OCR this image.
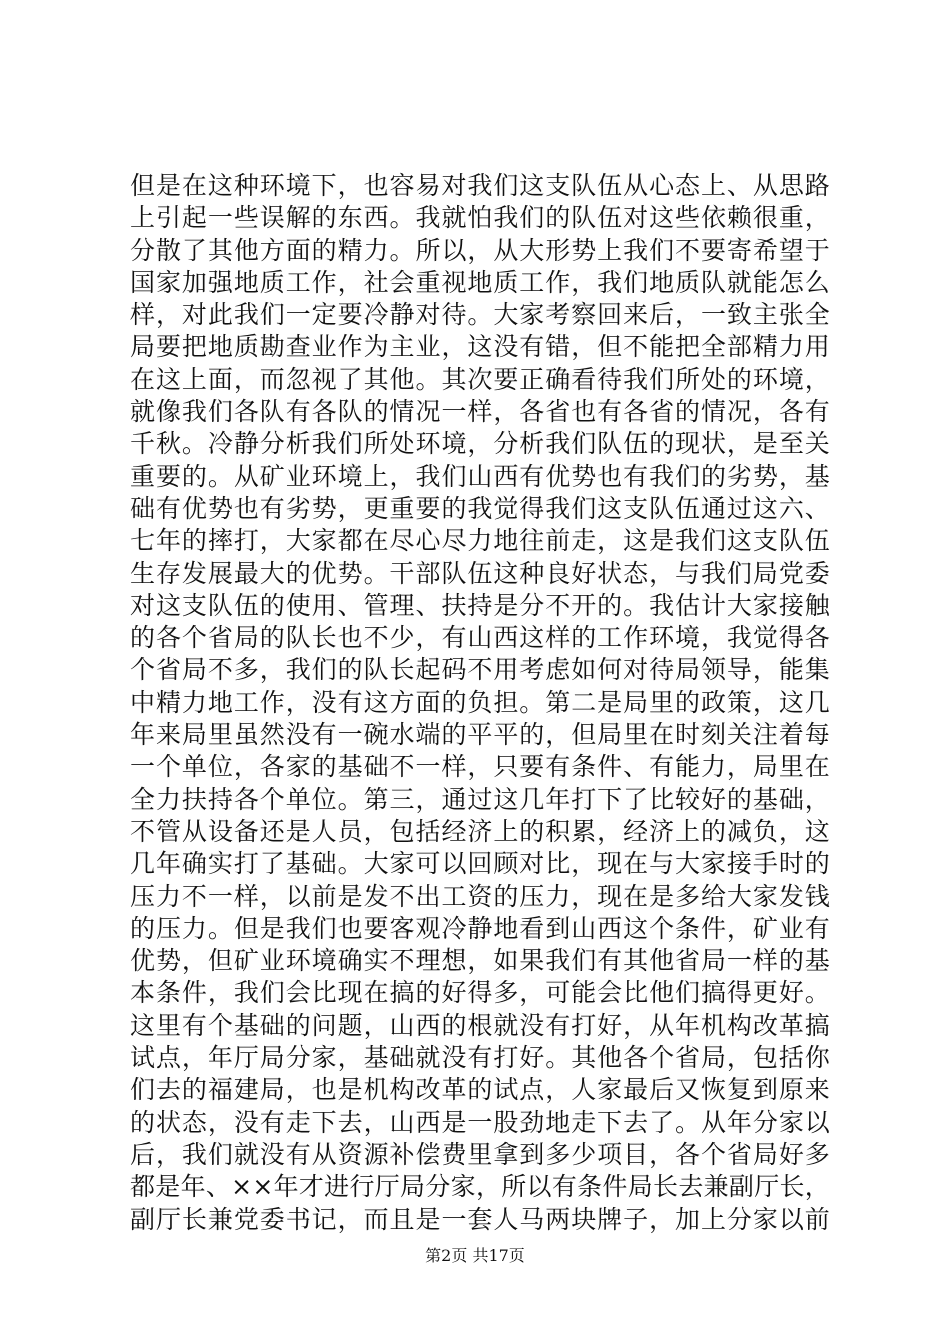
但是在这种环境下，也容易对我们这支队伍从心态上、从思路
上引起一些误解的东西。我就怕我们的队伍对这些依赖很重，
分散了其他方面的精力。所以，从大形势上我们不要寄希望于
国家加强地质工作，社会重视地质工作，我们地质队就能怎么
样，对此我们一定要冷静对待。大家考察回来后，一致主张全
局要把地质勘查业作为主业，这没有错，但不能把全部精力用
在这上面，而忽视了其他。其次要正确看待我们所处的环境，
就像我们各队有各队的情况一样，各省也有各省的情况，各有
千秋。冷静分析我们所处环境，分析我们队伍的现状，是至关
重要的。从矿业环境上，我们山西有优势也有我们的劣势，基
础有优势也有劣势，更重要的我觉得我们这支队伍通过这六、
七年的摔打，大家都在尽心尽力地往前走，这是我们这支队伍
生存发展最大的优势。干部队伍这种良好状态，与我们局党委
对这支队伍的使用、管理、扶持是分不开的。我估计大家接触
的各个省局的队长也不少，有山西这样的工作环境，我觉得各
个省局不多，我们的队长起码不用考虑如何对待局领导，能集
中精力地工作，没有这方面的负担。第二是局里的政策，这几
年来局里虽然没有一碗水端的平平的，但局里在时刻关注着每
一个单位，各家的基础不一样，只要有条件、有能力，局里在
全力扶持各个单位。第三，通过这几年打下了比较好的基础，
不管从设备还是人员，包括经济上的积累，经济上的减负，这
几年确实打了基础。大家可以回顾对比，现在与大家接手时的
压力不一样，以前是发不出工资的压力，现在是多给大家发钱
的压力。但是我们也要客观冷静地看到山西这个条件，矿业有
优势，但矿业环境确实不理想，如果我们有其他省局一样的基
本条件，我们会比现在搞的好得多，可能会比他们搞得更好。
这里有个基础的问题，山西的根就没有打好，从年机构改革搞
试点，年厅局分家，基础就没有打好。其他各个省局，包括你
们去的福建局，也是机构改革的试点，人家最后又恢复到原来
的状态，没有走下去，山西是一股劲地走下去了。从年分家以
后，我们就没有从资源补偿费里拿到多少项目，各个省局好多
都是年、××年才进行厅局分家，所以有条件局长去兼副厅长，
副厅长兼党委书记，而且是一套人马两块牌子，加上分家以前
第2页 共17页
